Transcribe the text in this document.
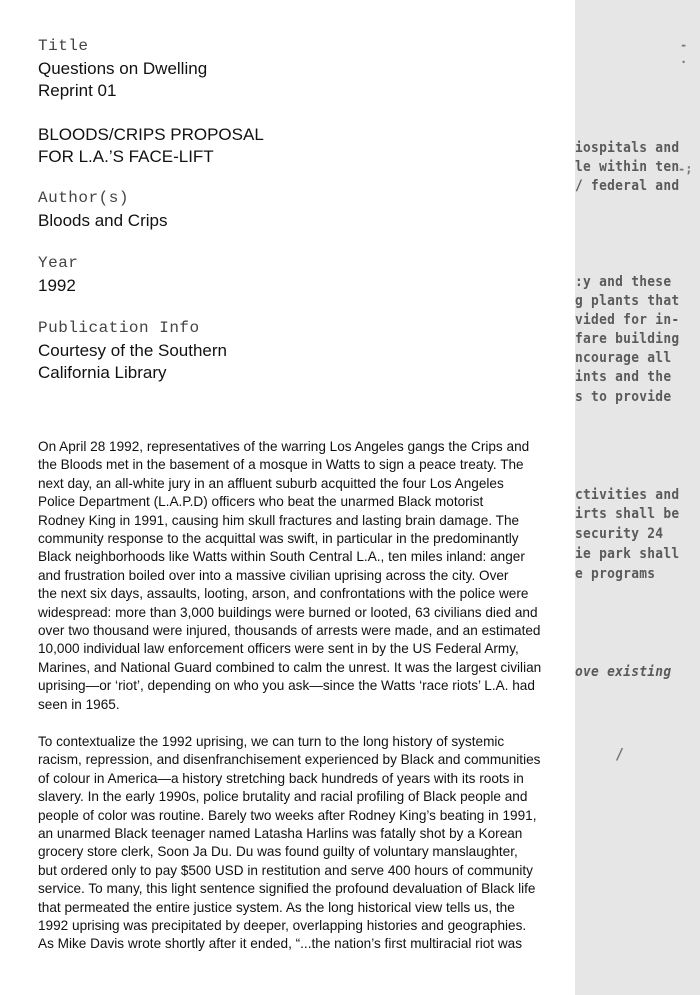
Title
Questions on Dwelling
Reprint 01
BLOODS/CRIPS PROPOSAL
FOR L.A.’S FACE-LIFT
Author(s)
Bloods and Crips
Year
1992
Publication Info
Courtesy of the Southern
California Library
On April 28 1992, representatives of the warring Los Angeles gangs the Crips and
the Bloods met in the basement of a mosque in Watts to sign a peace treaty. The
next day, an all-white jury in an affluent suburb acquitted the four Los Angeles
Police Department (L.A.P.D) officers who beat the unarmed Black motorist
Rodney King in 1991, causing him skull fractures and lasting brain damage. The
community response to the acquittal was swift, in particular in the predominantly
Black neighborhoods like Watts within South Central L.A., ten miles inland: anger
and frustration boiled over into a massive civilian uprising across the city. Over
the next six days, assaults, looting, arson, and confrontations with the police were
widespread: more than 3,000 buildings were burned or looted, 63 civilians died and
over two thousand were injured, thousands of arrests were made, and an estimated
10,000 individual law enforcement officers were sent in by the US Federal Army,
Marines, and National Guard combined to calm the unrest. It was the largest civilian
uprising—or ‘riot’, depending on who you ask—since the Watts ‘race riots’ L.A. had
seen in 1965.
To contextualize the 1992 uprising, we can turn to the long history of systemic
racism, repression, and disenfranchisement experienced by Black and communities
of colour in America—a history stretching back hundreds of years with its roots in
slavery. In the early 1990s, police brutality and racial profiling of Black people and
people of color was routine. Barely two weeks after Rodney King’s beating in 1991,
an unarmed Black teenager named Latasha Harlins was fatally shot by a Korean
grocery store clerk, Soon Ja Du. Du was found guilty of voluntary manslaughter,
but ordered only to pay $500 USD in restitution and serve 400 hours of community
service. To many, this light sentence signified the profound devaluation of Black life
that permeated the entire justice system. As the long historical view tells us, the
1992 uprising was precipitated by deeper, overlapping histories and geographies.
As Mike Davis wrote shortly after it ended, “...the nation’s first multiracial riot was
- .
iospitals and
le within ten
-;
/ federal and
:y and these
g plants that
vided for in-
fare building
ncourage all
ints and the
s to provide
ctivities and
irts shall be
security 24
ie park shall
e programs
ove existing
/
